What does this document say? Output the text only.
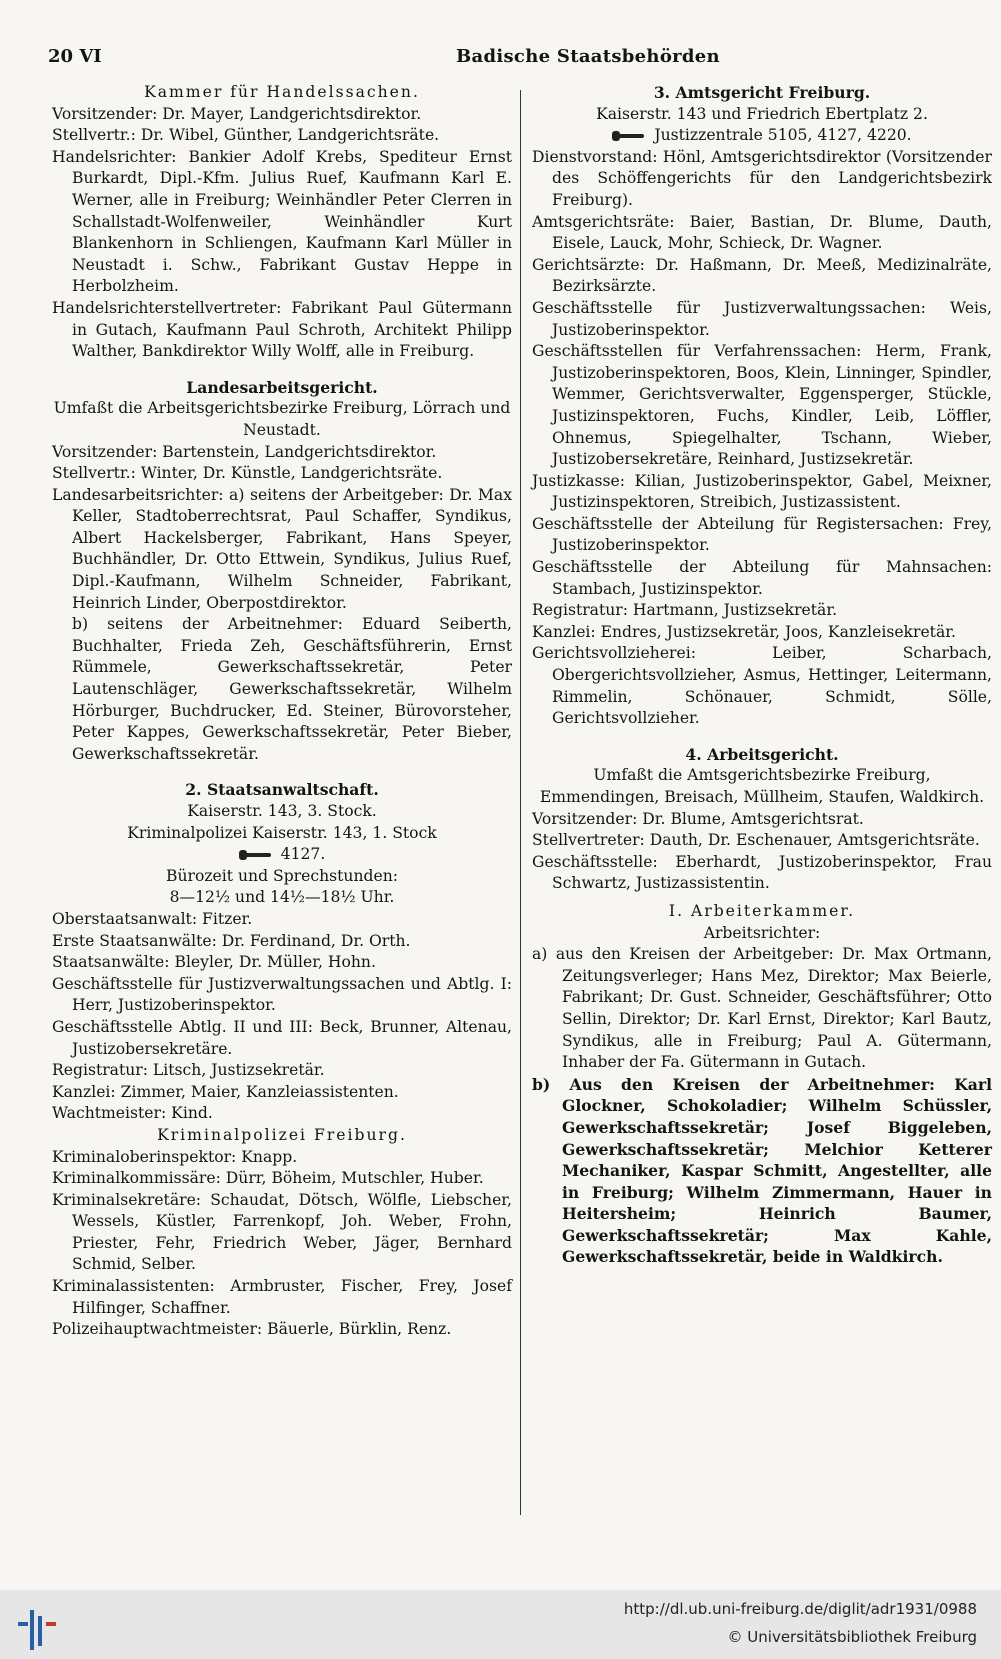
20 VI	Badische Staatsbehörden
Kammer für Handelssachen.
Vorsitzender: Dr. Mayer, Landgerichtsdirektor.
Stellvertr.: Dr. Wibel, Günther, Landgerichtsräte.
Handelsrichter: Bankier Adolf Krebs, Spediteur Ernst Burkardt, Dipl.-Kfm. Julius Ruef, Kaufmann Karl E. Werner, alle in Freiburg; Weinhändler Peter Clerren in Schallstadt-Wolfenweiler, Weinhändler Kurt Blankenhorn in Schliengen, Kaufmann Karl Müller in Neustadt i. Schw., Fabrikant Gustav Heppe in Herbolzheim.
Handelsrichterstellvertreter: Fabrikant Paul Gütermann in Gutach, Kaufmann Paul Schroth, Architekt Philipp Walther, Bankdirektor Willy Wolff, alle in Freiburg.
Landesarbeitsgericht.
Umfaßt die Arbeitsgerichtsbezirke Freiburg, Lörrach und Neustadt.
Vorsitzender: Bartenstein, Landgerichtsdirektor.
Stellvertr.: Winter, Dr. Künstle, Landgerichtsräte.
Landesarbeitsrichter: a) seitens der Arbeitgeber: Dr. Max Keller, Stadtoberrechtsrat, Paul Schaffer, Syndikus, Albert Hackelsberger, Fabrikant, Hans Speyer, Buchhändler, Dr. Otto Ettwein, Syndikus, Julius Ruef, Dipl.-Kaufmann, Wilhelm Schneider, Fabrikant, Heinrich Linder, Oberpostdirektor.
b) seitens der Arbeitnehmer: Eduard Seiberth, Buchhalter, Frieda Zeh, Geschäftsführerin, Ernst Rümmele, Gewerkschaftssekretär, Peter Lautenschläger, Gewerkschaftssekretär, Wilhelm Hörburger, Buchdrucker, Ed. Steiner, Bürovorsteher, Peter Kappes, Gewerkschaftssekretär, Peter Bieber, Gewerkschaftssekretär.
2. Staatsanwaltschaft.
Kaiserstr. 143, 3. Stock.
Kriminalpolizei Kaiserstr. 143, 1. Stock
4127.
Bürozeit und Sprechstunden:
8—12½ und 14½—18½ Uhr.
Oberstaatsanwalt: Fitzer.
Erste Staatsanwälte: Dr. Ferdinand, Dr. Orth.
Staatsanwälte: Bleyler, Dr. Müller, Hohn.
Geschäftsstelle für Justizverwaltungssachen und Abtlg. I: Herr, Justizoberinspektor.
Geschäftsstelle Abtlg. II und III: Beck, Brunner, Altenau, Justizobersekretäre.
Registratur: Litsch, Justizsekretär.
Kanzlei: Zimmer, Maier, Kanzleiassistenten.
Wachtmeister: Kind.
Kriminalpolizei Freiburg.
Kriminaloberinspektor: Knapp.
Kriminalkommissäre: Dürr, Böheim, Mutschler, Huber.
Kriminalsekretäre: Schaudat, Dötsch, Wölfle, Liebscher, Wessels, Küstler, Farrenkopf, Joh. Weber, Frohn, Priester, Fehr, Friedrich Weber, Jäger, Bernhard Schmid, Selber.
Kriminalassistenten: Armbruster, Fischer, Frey, Josef Hilfinger, Schaffner.
Polizeihauptwachtmeister: Bäuerle, Bürklin, Renz.
3. Amtsgericht Freiburg.
Kaiserstr. 143 und Friedrich Ebertplatz 2.
Justizzentrale 5105, 4127, 4220.
Dienstvorstand: Hönl, Amtsgerichtsdirektor (Vorsitzender des Schöffengerichts für den Landgerichtsbezirk Freiburg).
Amtsgerichtsräte: Baier, Bastian, Dr. Blume, Dauth, Eisele, Lauck, Mohr, Schieck, Dr. Wagner.
Gerichtsärzte: Dr. Haßmann, Dr. Meeß, Medizinalräte, Bezirksärzte.
Geschäftsstelle für Justizverwaltungssachen: Weis, Justizoberinspektor.
Geschäftsstellen für Verfahrenssachen: Herm, Frank, Justizoberinspektoren, Boos, Klein, Linninger, Spindler, Wemmer, Gerichtsverwalter, Eggensperger, Stückle, Justizinspektoren, Fuchs, Kindler, Leib, Löffler, Ohnemus, Spiegelhalter, Tschann, Wieber, Justizobersekretäre, Reinhard, Justizsekretär.
Justizkasse: Kilian, Justizoberinspektor, Gabel, Meixner, Justizinspektoren, Streibich, Justizassistent.
Geschäftsstelle der Abteilung für Registersachen: Frey, Justizoberinspektor.
Geschäftsstelle der Abteilung für Mahnsachen: Stambach, Justizinspektor.
Registratur: Hartmann, Justizsekretär.
Kanzlei: Endres, Justizsekretär, Joos, Kanzleisekretär.
Gerichtsvollzieherei: Leiber, Scharbach, Obergerichtsvollzieher, Asmus, Hettinger, Leitermann, Rimmelin, Schönauer, Schmidt, Sölle, Gerichtsvollzieher.
4. Arbeitsgericht.
Umfaßt die Amtsgerichtsbezirke Freiburg, Emmendingen, Breisach, Müllheim, Staufen, Waldkirch.
Vorsitzender: Dr. Blume, Amtsgerichtsrat.
Stellvertreter: Dauth, Dr. Eschenauer, Amtsgerichtsräte.
Geschäftsstelle: Eberhardt, Justizoberinspektor, Frau Schwartz, Justizassistentin.
I. Arbeiterkammer.
Arbeitsrichter:
a) aus den Kreisen der Arbeitgeber: Dr. Max Ortmann, Zeitungsverleger; Hans Mez, Direktor; Max Beierle, Fabrikant; Dr. Gust. Schneider, Geschäftsführer; Otto Sellin, Direktor; Dr. Karl Ernst, Direktor; Karl Bautz, Syndikus, alle in Freiburg; Paul A. Gütermann, Inhaber der Fa. Gütermann in Gutach.
b) Aus den Kreisen der Arbeitnehmer: Karl Glockner, Schokoladier; Wilhelm Schüssler, Gewerkschaftssekretär; Josef Biggeleben, Gewerkschaftssekretär; Melchior Ketterer Mechaniker, Kaspar Schmitt, Angestellter, alle in Freiburg; Wilhelm Zimmermann, Hauer in Heitersheim; Heinrich Baumer, Gewerkschaftssekretär; Max Kahle, Gewerkschaftssekretär, beide in Waldkirch.
http://dl.ub.uni-freiburg.de/diglit/adr1931/0988
© Universitätsbibliothek Freiburg
